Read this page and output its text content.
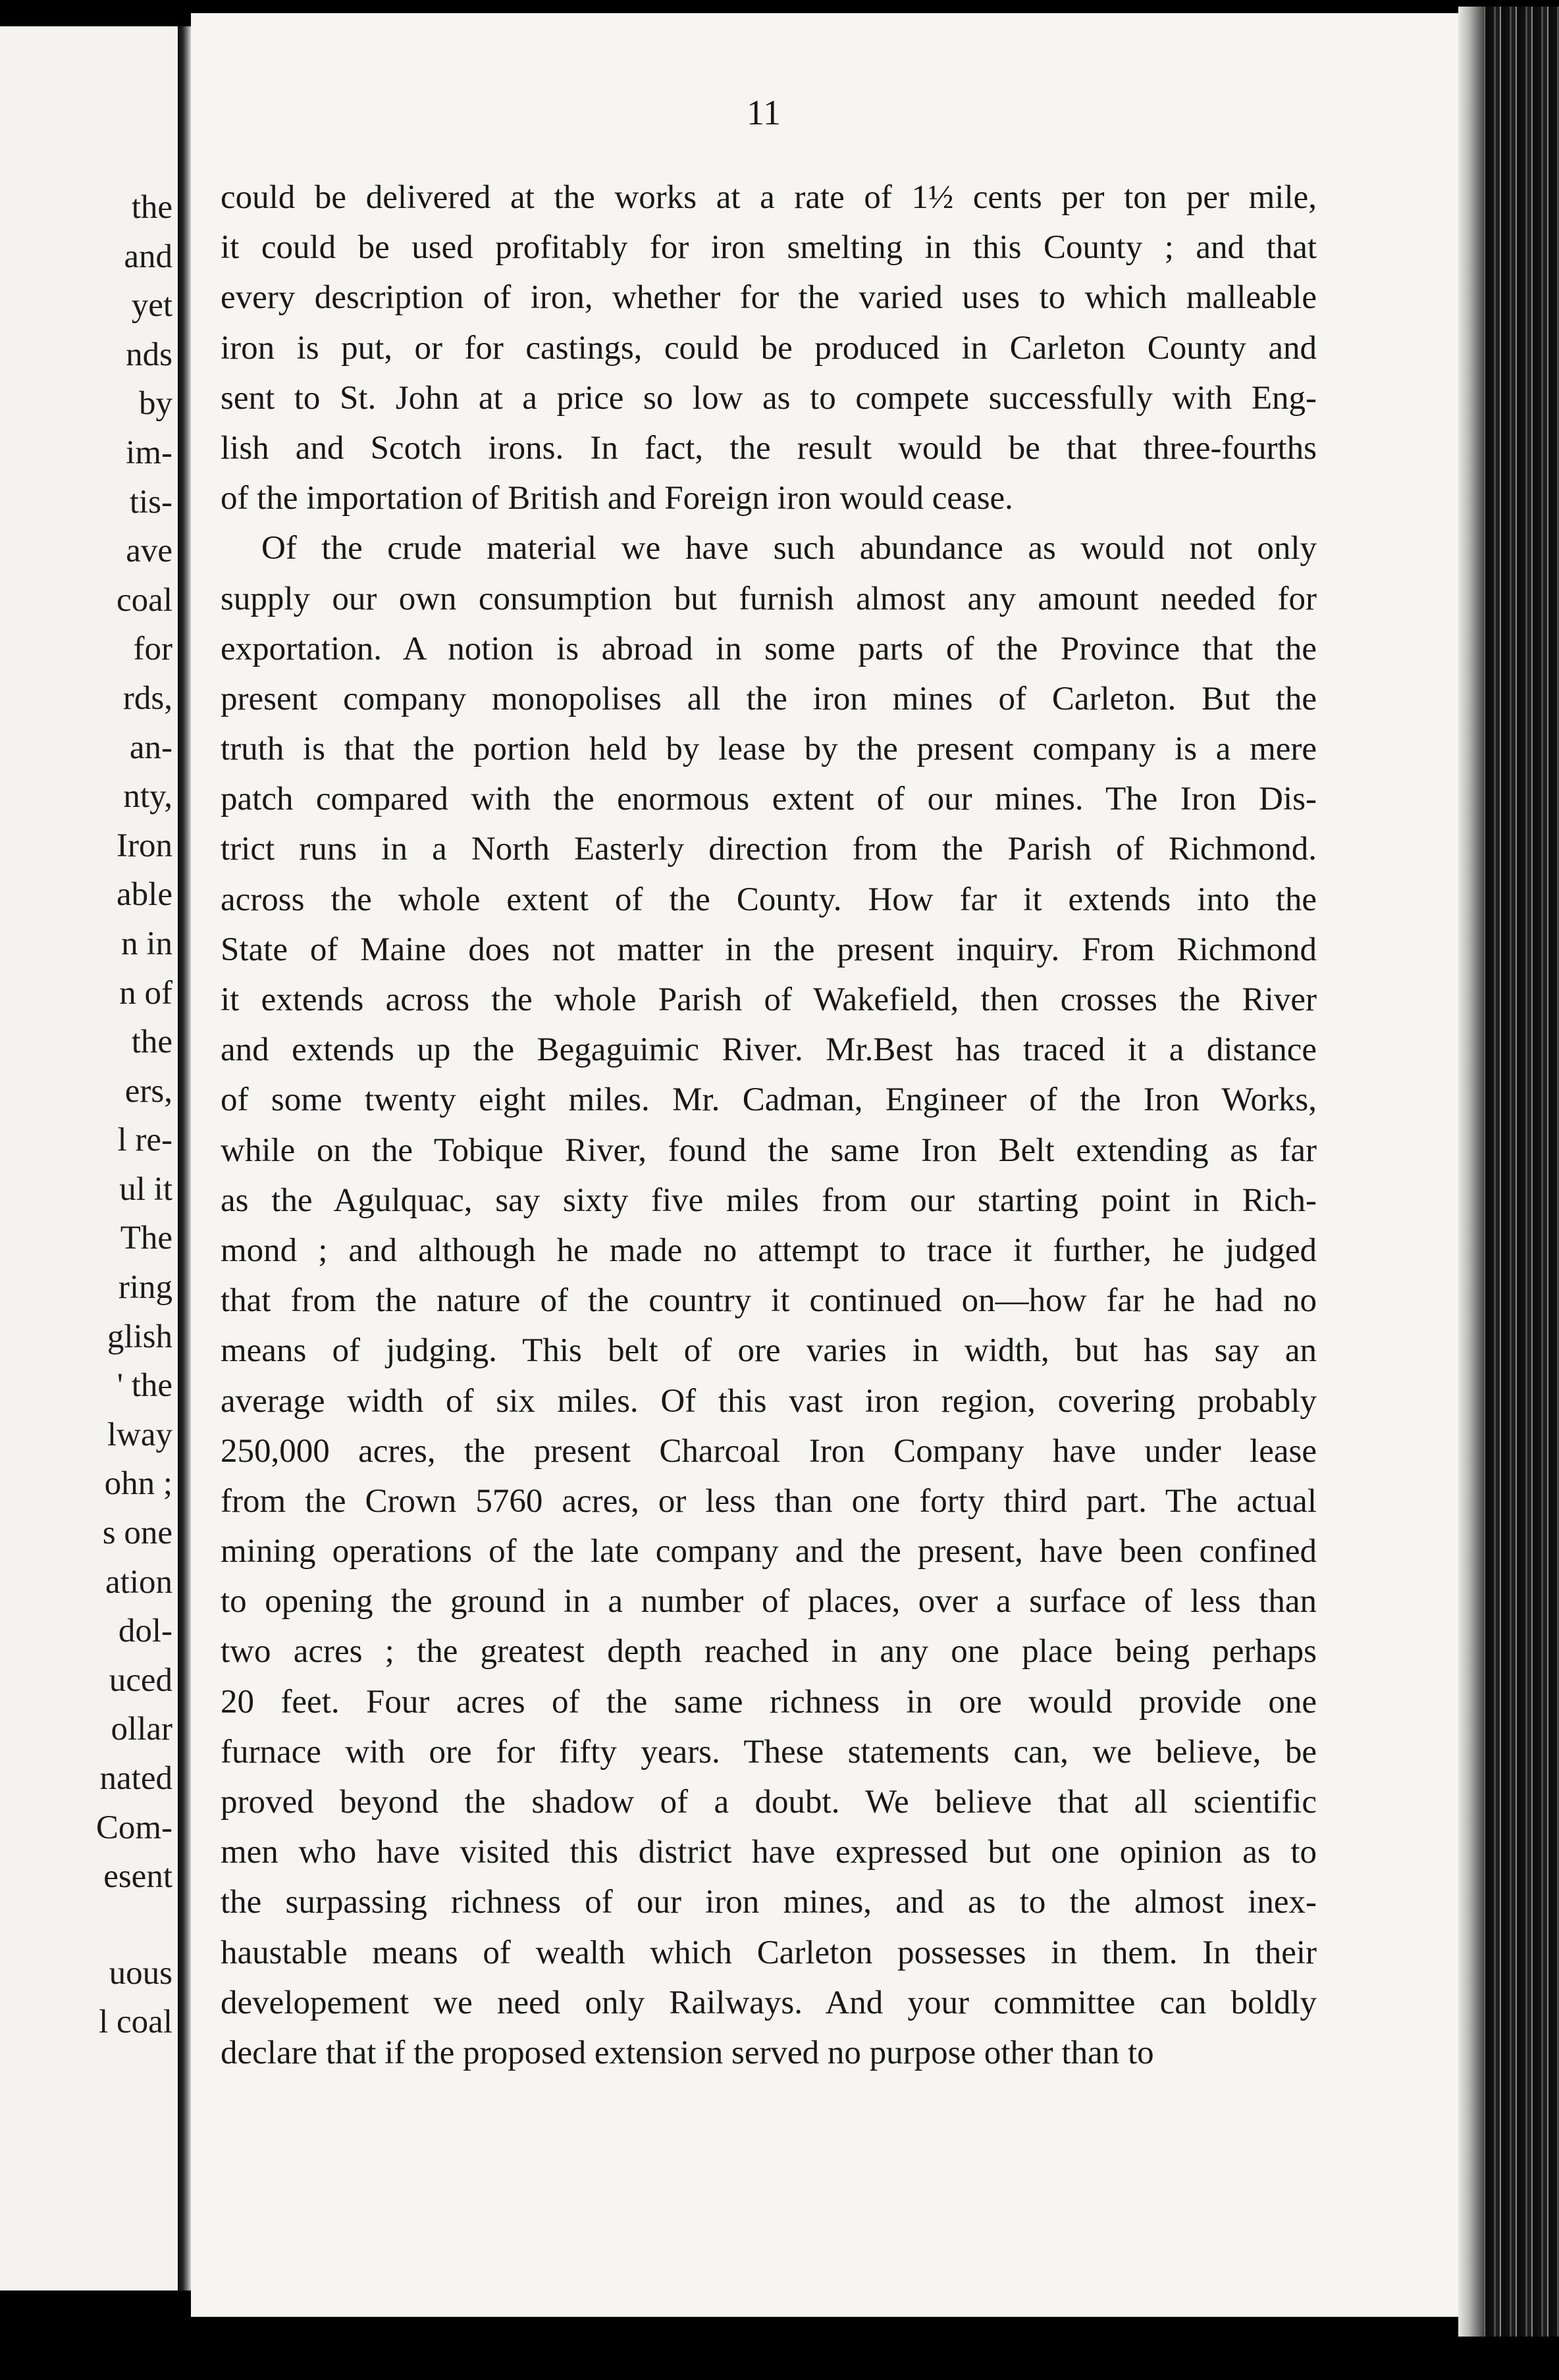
the
and
yet
nds
by
im-
tis-
ave
coal
for
rds,
an-
nty,
Iron
able
n in
n of
the
ers,
l re-
ul it
The
ring
glish
' the
lway
ohn ;
s one
ation
dol-
uced
ollar
nated
Com-
esent
uous
l coal
11
could be delivered at the works at a rate of 1½ cents per ton per mile,
it could be used profitably for iron smelting in this County ; and that
every description of iron, whether for the varied uses to which malleable
iron is put, or for castings, could be produced in Carleton County and
sent to St. John at a price so low as to compete successfully with Eng-
lish and Scotch irons. In fact, the result would be that three-fourths
of the importation of British and Foreign iron would cease.
Of the crude material we have such abundance as would not only
supply our own consumption but furnish almost any amount needed for
exportation. A notion is abroad in some parts of the Province that the
present company monopolises all the iron mines of Carleton. But the
truth is that the portion held by lease by the present company is a mere
patch compared with the enormous extent of our mines. The Iron Dis-
trict runs in a North Easterly direction from the Parish of Richmond.
across the whole extent of the County. How far it extends into the
State of Maine does not matter in the present inquiry. From Richmond
it extends across the whole Parish of Wakefield, then crosses the River
and extends up the Begaguimic River. Mr.Best has traced it a distance
of some twenty eight miles. Mr. Cadman, Engineer of the Iron Works,
while on the Tobique River, found the same Iron Belt extending as far
as the Agulquac, say sixty five miles from our starting point in Rich-
mond ; and although he made no attempt to trace it further, he judged
that from the nature of the country it continued on—how far he had no
means of judging. This belt of ore varies in width, but has say an
average width of six miles. Of this vast iron region, covering probably
250,000 acres, the present Charcoal Iron Company have under lease
from the Crown 5760 acres, or less than one forty third part. The actual
mining operations of the late company and the present, have been confined
to opening the ground in a number of places, over a surface of less than
two acres ; the greatest depth reached in any one place being perhaps
20 feet. Four acres of the same richness in ore would provide one
furnace with ore for fifty years. These statements can, we believe, be
proved beyond the shadow of a doubt. We believe that all scientific
men who have visited this district have expressed but one opinion as to
the surpassing richness of our iron mines, and as to the almost inex-
haustable means of wealth which Carleton possesses in them. In their
developement we need only Railways. And your committee can boldly
declare that if the proposed extension served no purpose other than to
